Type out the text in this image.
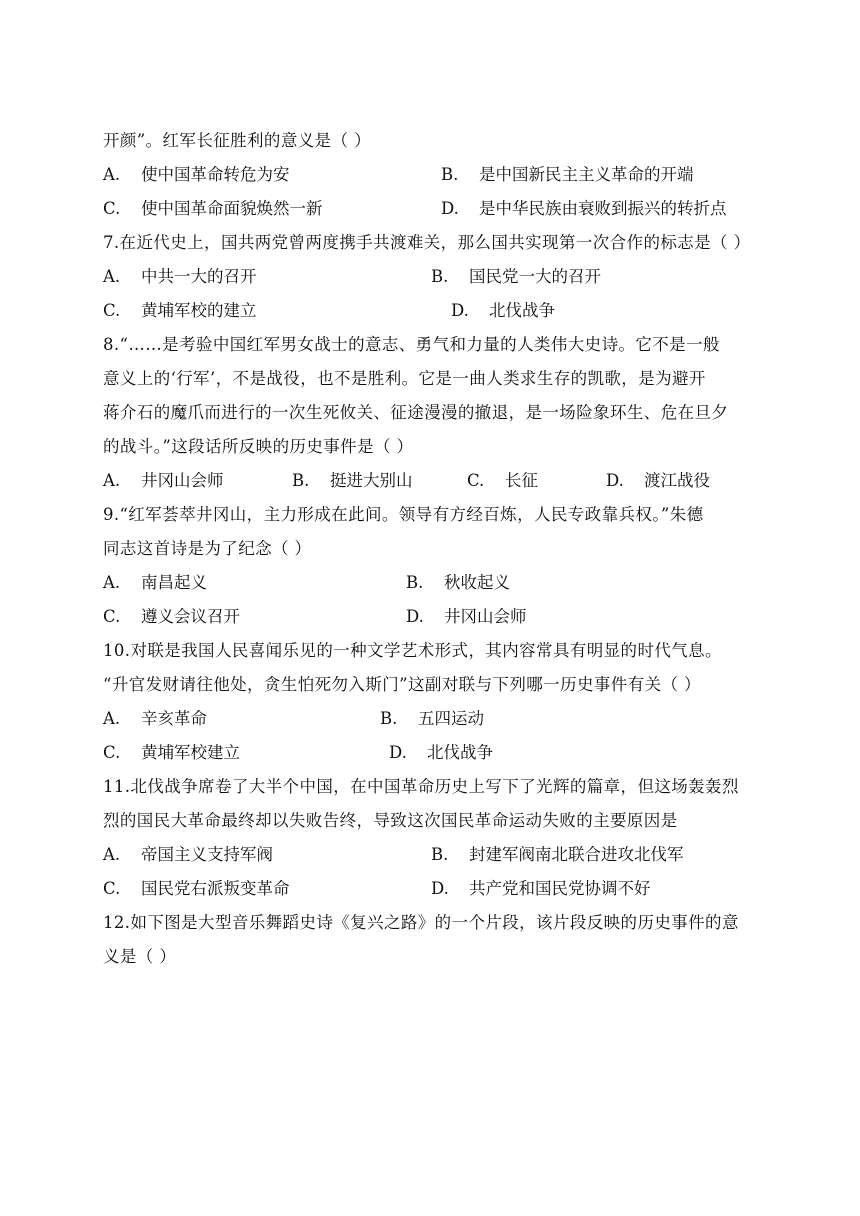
开颜”。红军长征胜利的意义是（ ）
A. 使中国革命转危为安	B. 是中国新民主主义革命的开端
C. 使中国革命面貌焕然一新	D. 是中华民族由衰败到振兴的转折点
7.在近代史上，国共两党曾两度携手共渡难关，那么国共实现第一次合作的标志是（ ）
A. 中共一大的召开	B. 国民党一大的召开
C. 黄埔军校的建立	D. 北伐战争
8.“……是考验中国红军男女战士的意志、勇气和力量的人类伟大史诗。它不是一般
意义上的‘行军’，不是战役，也不是胜利。它是一曲人类求生存的凯歌，是为避开
蒋介石的魔爪而进行的一次生死攸关、征途漫漫的撤退，是一场险象环生、危在旦夕
的战斗。”这段话所反映的历史事件是（ ）
A. 井冈山会师	B. 挺进大别山	C. 长征	D. 渡江战役
9.“红军荟萃井冈山，主力形成在此间。领导有方经百炼，人民专政靠兵权。”朱德
同志这首诗是为了纪念（ ）
A. 南昌起义	B. 秋收起义
C. 遵义会议召开	D. 井冈山会师
10.对联是我国人民喜闻乐见的一种文学艺术形式，其内容常具有明显的时代气息。
“升官发财请往他处，贪生怕死勿入斯门”这副对联与下列哪一历史事件有关（ ）
A. 辛亥革命	B. 五四运动
C. 黄埔军校建立	D. 北伐战争
11.北伐战争席卷了大半个中国，在中国革命历史上写下了光辉的篇章，但这场轰轰烈
烈的国民大革命最终却以失败告终，导致这次国民革命运动失败的主要原因是
A. 帝国主义支持军阀	B. 封建军阀南北联合进攻北伐军
C. 国民党右派叛变革命	D. 共产党和国民党协调不好
12.如下图是大型音乐舞蹈史诗《复兴之路》的一个片段，该片段反映的历史事件的意
义是（ ）
